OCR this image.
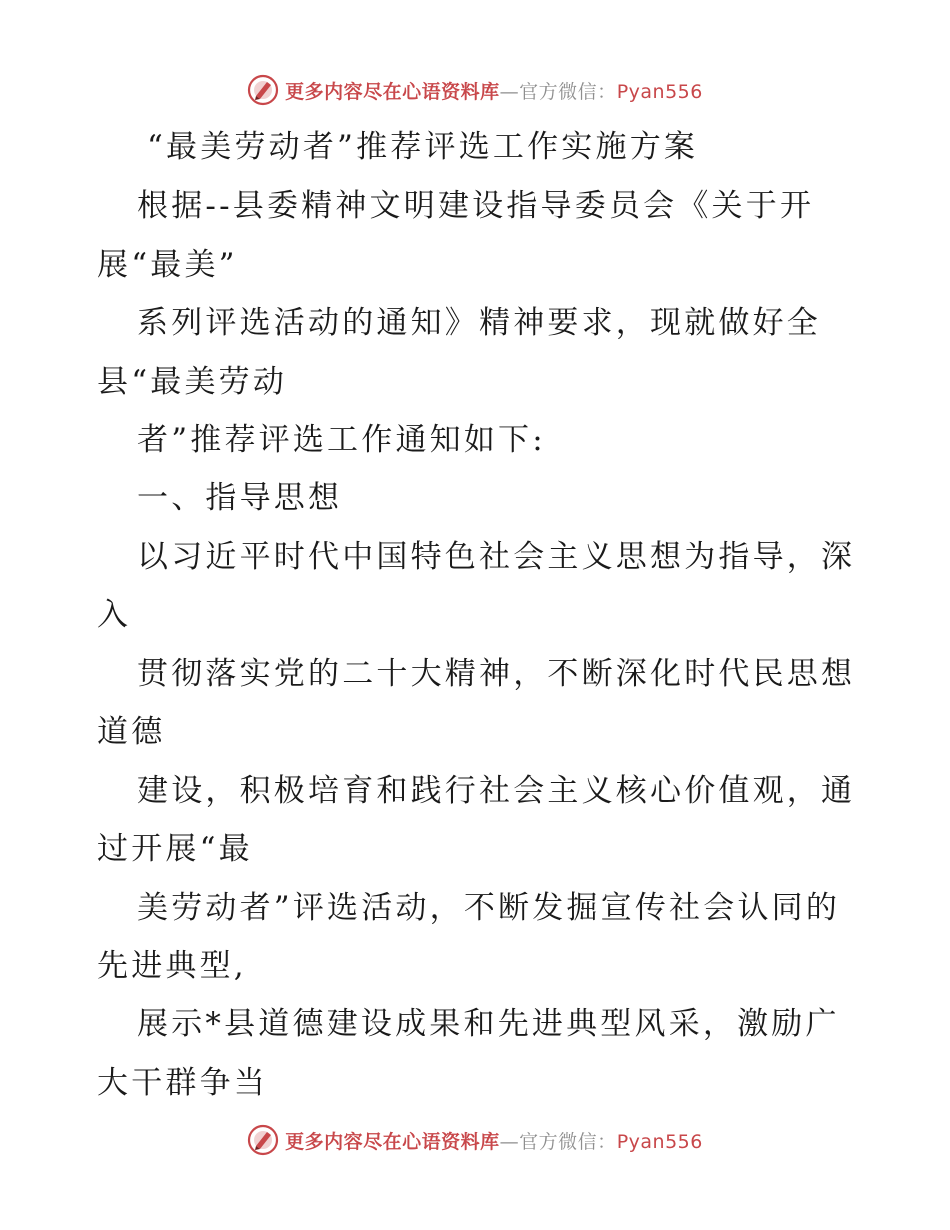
更多内容尽在心语资料库—官方微信：Pyan556
“最美劳动者”推荐评选工作实施方案
根据--县委精神文明建设指导委员会《关于开
展“最美”
系列评选活动的通知》精神要求，现就做好全
县“最美劳动
者”推荐评选工作通知如下:
一、指导思想
以习近平时代中国特色社会主义思想为指导，深
入
贯彻落实党的二十大精神，不断深化时代民思想
道德
建设，积极培育和践行社会主义核心价值观，通
过开展“最
美劳动者”评选活动，不断发掘宣传社会认同的
先进典型,
展示*县道德建设成果和先进典型风采，激励广
大干群争当
更多内容尽在心语资料库—官方微信：Pyan556
